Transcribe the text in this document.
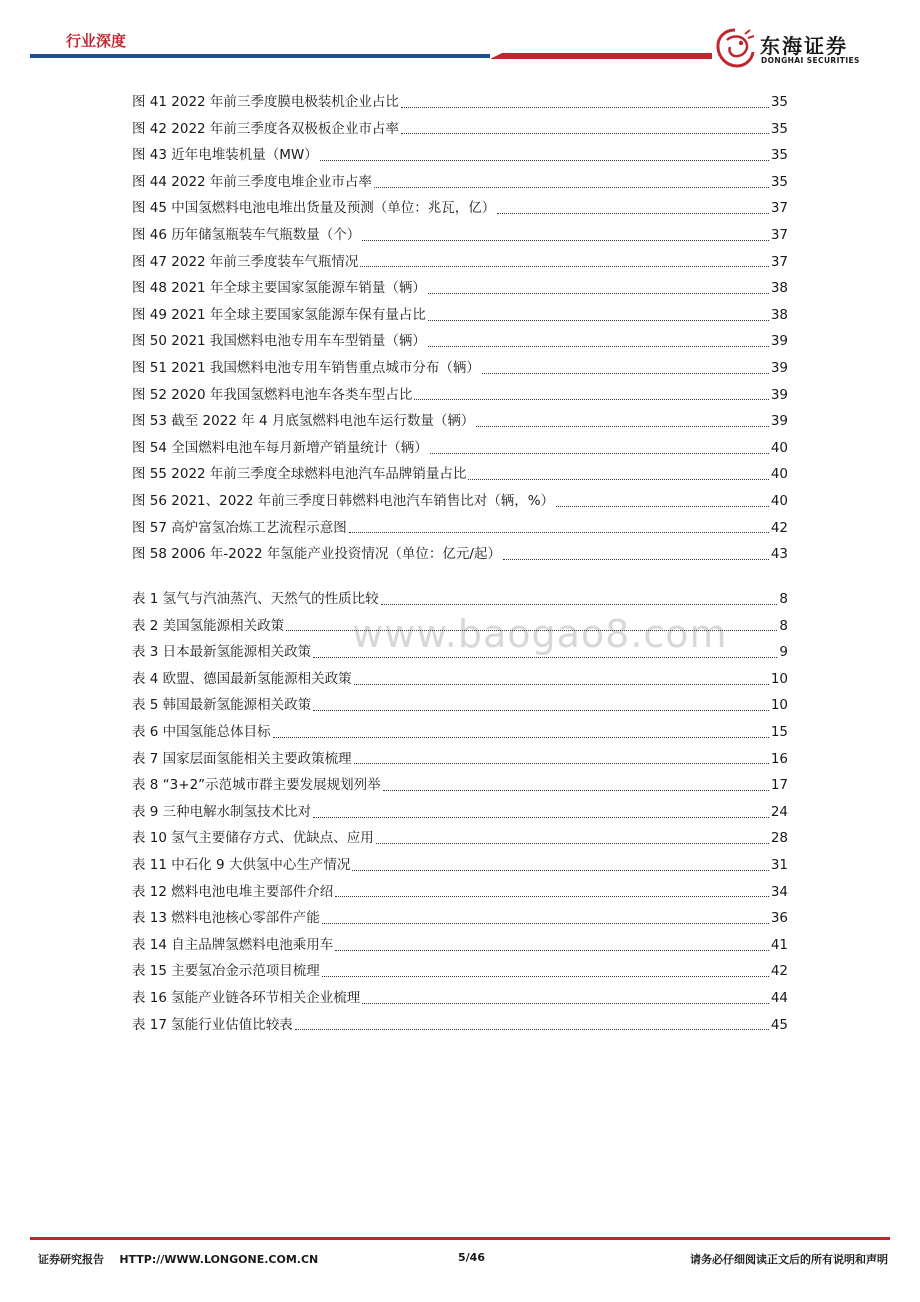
行业深度	东海证券
DONGHAI SECURITIES
www.baogao8.com
图 41 2022 年前三季度膜电极装机企业占比	35
图 42 2022 年前三季度各双极板企业市占率	35
图 43 近年电堆装机量（MW）	35
图 44 2022 年前三季度电堆企业市占率	35
图 45 中国氢燃料电池电堆出货量及预测（单位：兆瓦，亿）	37
图 46 历年储氢瓶装车气瓶数量（个）	37
图 47 2022 年前三季度装车气瓶情况	37
图 48 2021 年全球主要国家氢能源车销量（辆）	38
图 49 2021 年全球主要国家氢能源车保有量占比	38
图 50 2021 我国燃料电池专用车车型销量（辆）	39
图 51 2021 我国燃料电池专用车销售重点城市分布（辆）	39
图 52 2020 年我国氢燃料电池车各类车型占比	39
图 53 截至 2022 年 4 月底氢燃料电池车运行数量（辆）	39
图 54 全国燃料电池车每月新增产销量统计（辆）	40
图 55 2022 年前三季度全球燃料电池汽车品牌销量占比	40
图 56 2021、2022 年前三季度日韩燃料电池汽车销售比对（辆，%）	40
图 57 高炉富氢冶炼工艺流程示意图	42
图 58 2006 年-2022 年氢能产业投资情况（单位：亿元/起）	43
表 1 氢气与汽油蒸汽、天然气的性质比较	8
表 2 美国氢能源相关政策	8
表 3 日本最新氢能源相关政策	9
表 4 欧盟、德国最新氢能源相关政策	10
表 5 韩国最新氢能源相关政策	10
表 6 中国氢能总体目标	15
表 7 国家层面氢能相关主要政策梳理	16
表 8 “3+2”示范城市群主要发展规划列举	17
表 9 三种电解水制氢技术比对	24
表 10 氢气主要储存方式、优缺点、应用	28
表 11 中石化 9 大供氢中心生产情况	31
表 12 燃料电池电堆主要部件介绍	34
表 13 燃料电池核心零部件产能	36
表 14 自主品牌氢燃料电池乘用车	41
表 15 主要氢冶金示范项目梳理	42
表 16 氢能产业链各环节相关企业梳理	44
表 17 氢能行业估值比较表	45
证券研究报告    HTTP://WWW.LONGONE.COM.CN	5/46	请务必仔细阅读正文后的所有说明和声明
